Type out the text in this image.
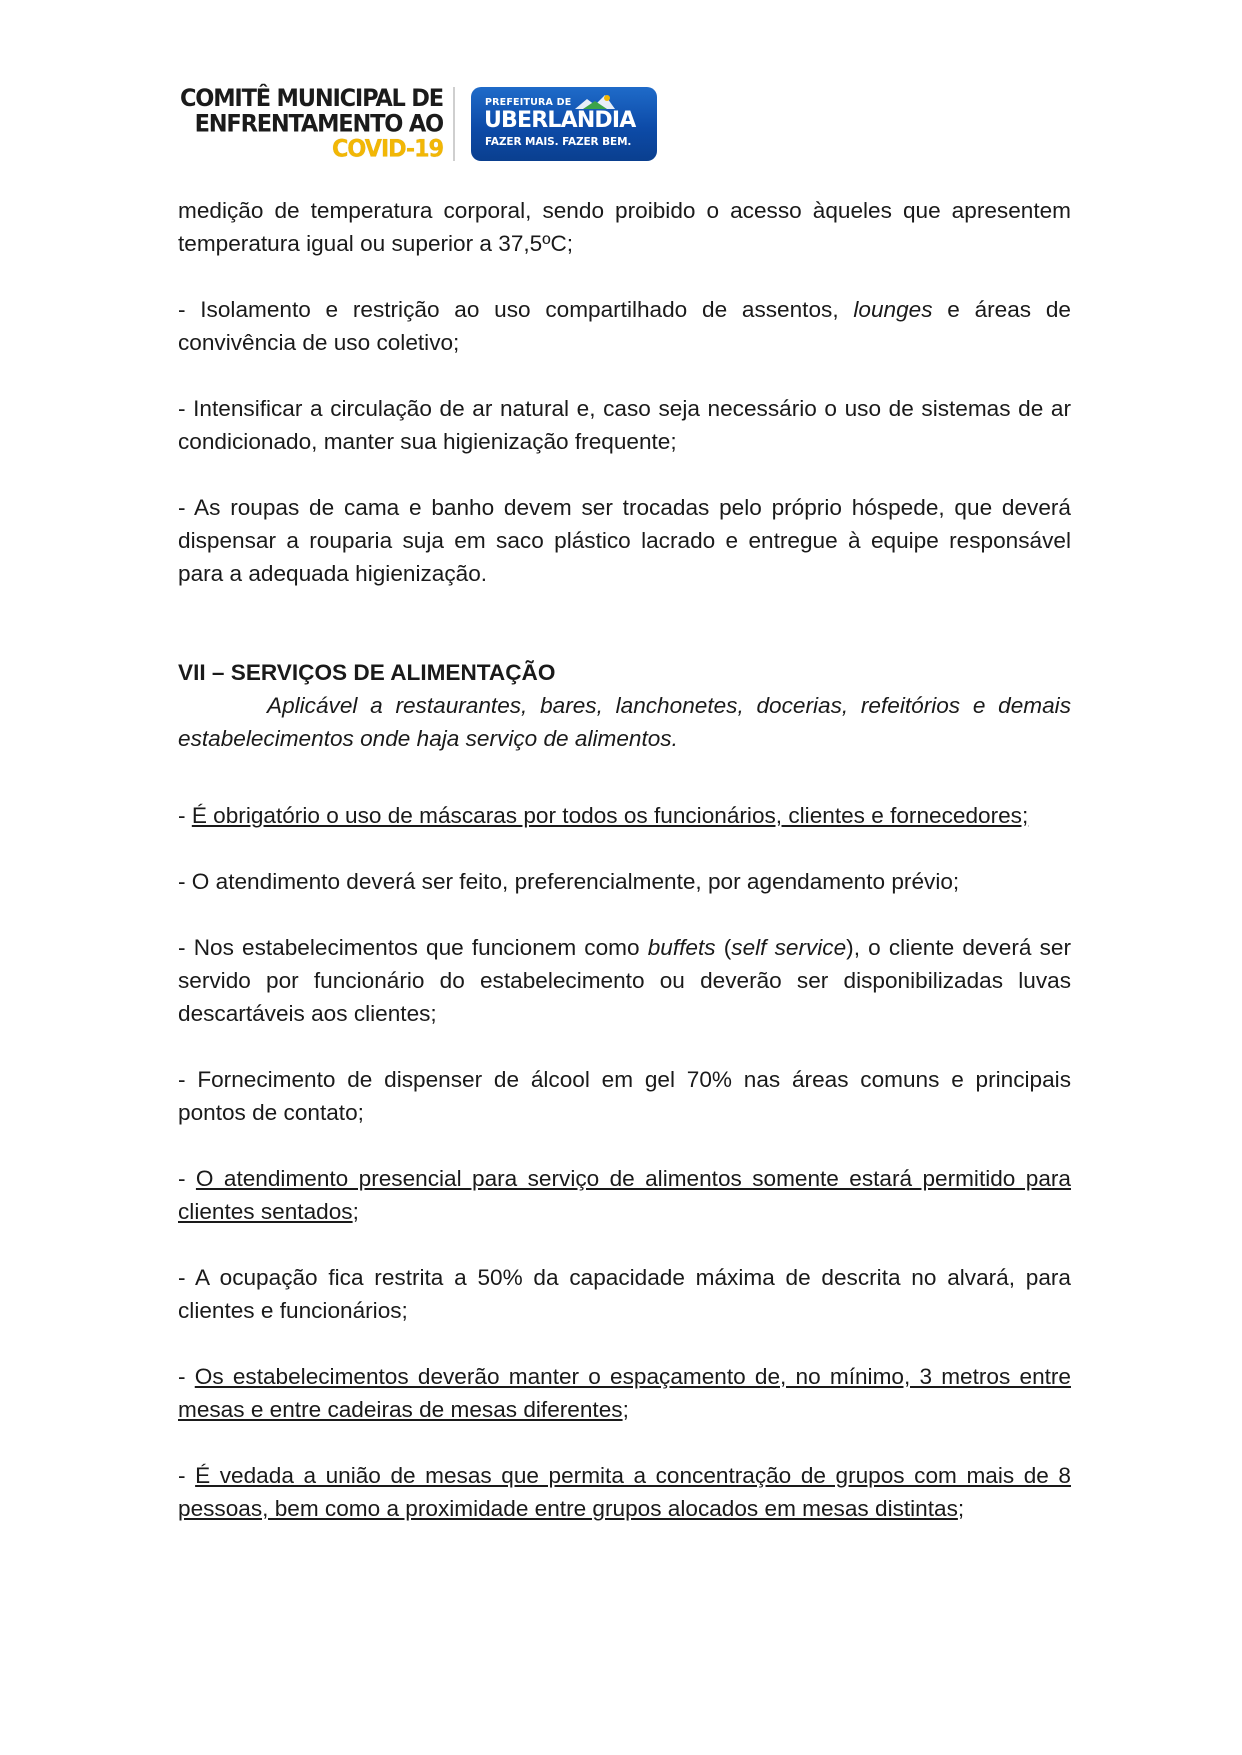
COMITÊ MUNICIPAL DE
ENFRENTAMENTO AO
COVID-19
PREFEITURA DE
UBERLANDIA
FAZER MAIS. FAZER BEM.

medição de temperatura corporal, sendo proibido o acesso àqueles que apresentem temperatura igual ou superior a 37,5ºC;

- Isolamento e restrição ao uso compartilhado de assentos, lounges e áreas de convivência de uso coletivo;

- Intensificar a circulação de ar natural e, caso seja necessário o uso de sistemas de ar condicionado, manter sua higienização frequente;

- As roupas de cama e banho devem ser trocadas pelo próprio hóspede, que deverá dispensar a rouparia suja em saco plástico lacrado e entregue à equipe responsável para a adequada higienização.

VII – SERVIÇOS DE ALIMENTAÇÃO

Aplicável a restaurantes, bares, lanchonetes, docerias, refeitórios e demais estabelecimentos onde haja serviço de alimentos.

- É obrigatório o uso de máscaras por todos os funcionários, clientes e fornecedores;

- O atendimento deverá ser feito, preferencialmente, por agendamento prévio;

- Nos estabelecimentos que funcionem como buffets (self service), o cliente deverá ser servido por funcionário do estabelecimento ou deverão ser disponibilizadas luvas descartáveis aos clientes;

- Fornecimento de dispenser de álcool em gel 70% nas áreas comuns e principais pontos de contato;

- O atendimento presencial para serviço de alimentos somente estará permitido para clientes sentados;

- A ocupação fica restrita a 50% da capacidade máxima de descrita no alvará, para clientes e funcionários;

- Os estabelecimentos deverão manter o espaçamento de, no mínimo, 3 metros entre mesas e entre cadeiras de mesas diferentes;

- É vedada a união de mesas que permita a concentração de grupos com mais de 8 pessoas, bem como a proximidade entre grupos alocados em mesas distintas;
